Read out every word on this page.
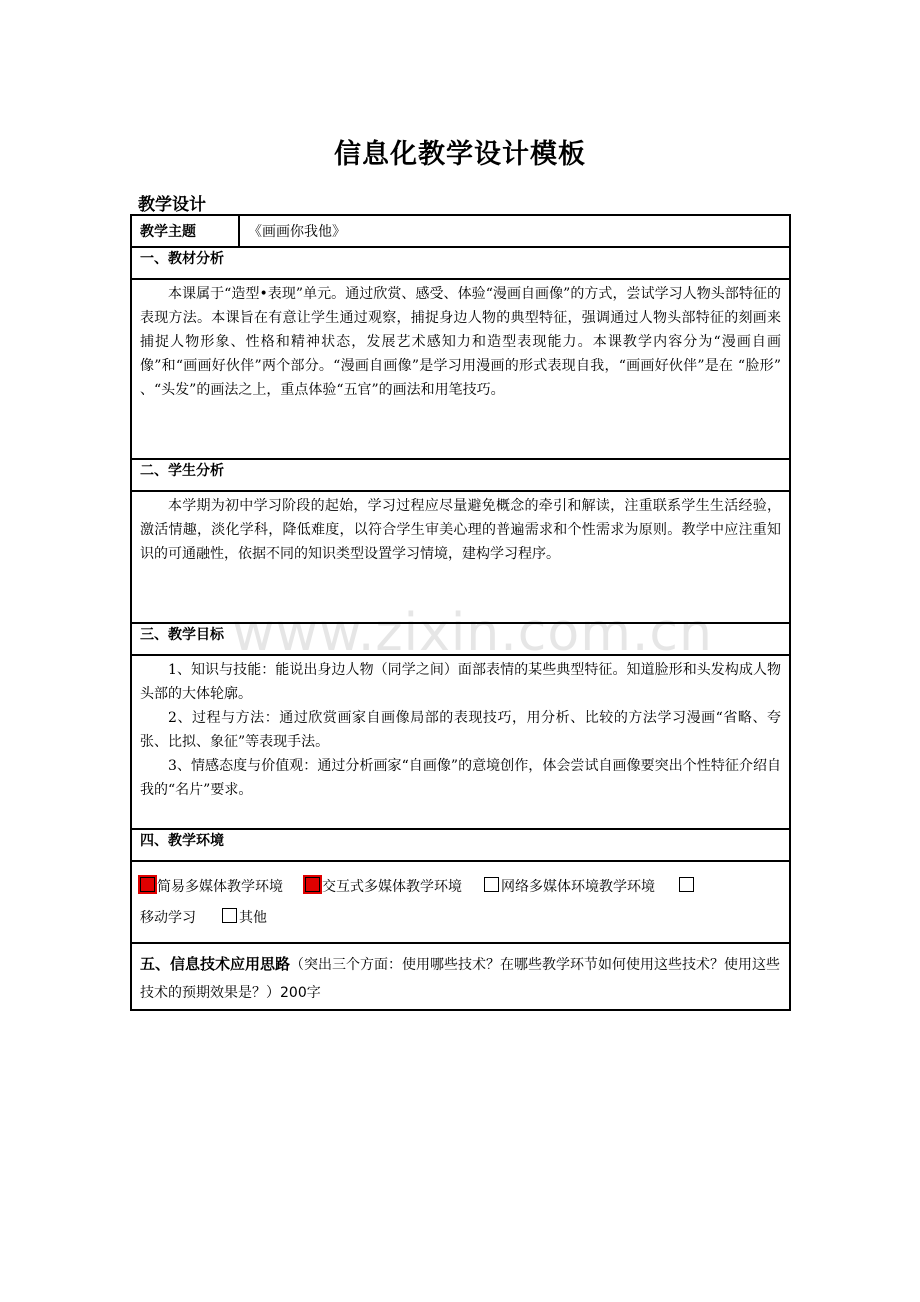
信息化教学设计模板
教学设计
www.zixin.com.cn
教学主题	《画画你我他》
一、教材分析

本课属于“造型•表现”单元。通过欣赏、感受、体验“漫画自画像”的方式，尝试学习人物头部特征的表现方法。本课旨在有意让学生通过观察，捕捉身边人物的典型特征，强调通过人物头部特征的刻画来捕捉人物形象、性格和精神状态，发展艺术感知力和造型表现能力。本课教学内容分为“漫画自画像”和“画画好伙伴”两个部分。“漫画自画像”是学习用漫画的形式表现自我，“画画好伙伴”是在 “脸形” 、“头发”的画法之上，重点体验“五官”的画法和用笔技巧。

二、学生分析

本学期为初中学习阶段的起始，学习过程应尽量避免概念的牵引和解读，注重联系学生生活经验，激活情趣，淡化学科，降低难度，以符合学生审美心理的普遍需求和个性需求为原则。教学中应注重知识的可通融性，依据不同的知识类型设置学习情境，建构学习程序。

三、教学目标

1、知识与技能：能说出身边人物（同学之间）面部表情的某些典型特征。知道脸形和头发构成人物头部的大体轮廓。

2、过程与方法：通过欣赏画家自画像局部的表现技巧，用分析、比较的方法学习漫画“省略、夸张、比拟、象征”等表现手法。

3、情感态度与价值观：通过分析画家“自画像”的意境创作，体会尝试自画像要突出个性特征介绍自我的“名片”要求。

四、教学环境
简易多媒体教学环境	交互式多媒体教学环境	网络多媒体环境教学环境
移动学习	其他
五、信息技术应用思路（突出三个方面：使用哪些技术？在哪些教学环节如何使用这些技术？使用这些技术的预期效果是？）200字
